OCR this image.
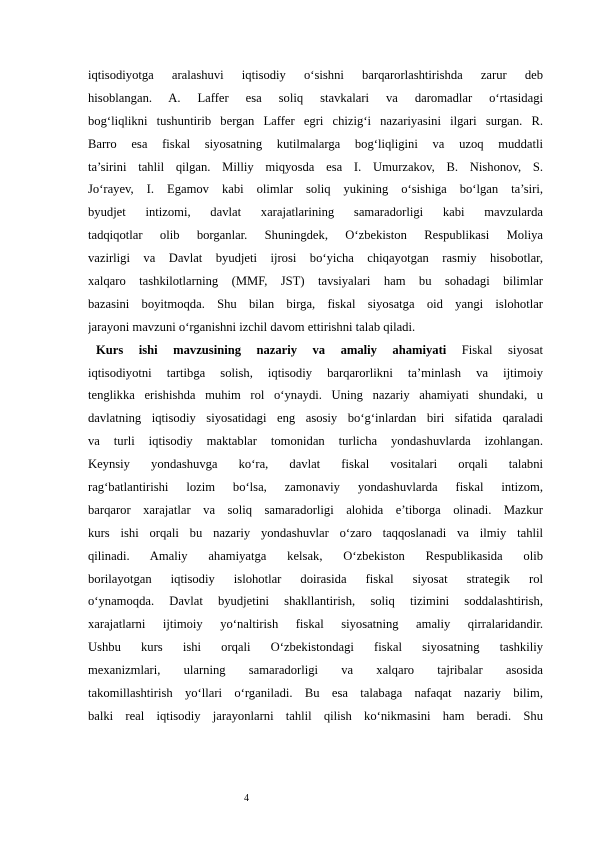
iqtisodiyotga aralashuvi iqtisodiy o‘sishni barqarorlashtirishda zarur deb
hisoblangan. A. Laffer esa soliq stavkalari va daromadlar o‘rtasidagi
bog‘liqlikni tushuntirib bergan Laffer egri chizig‘i nazariyasini ilgari surgan. R.
Barro esa fiskal siyosatning kutilmalarga bog‘liqligini va uzoq muddatli
ta’sirini tahlil qilgan. Milliy miqyosda esa I. Umurzakov, B. Nishonov, S.
Jo‘rayev, I. Egamov kabi olimlar soliq yukining o‘sishiga bo‘lgan ta’siri,
byudjet intizomi, davlat xarajatlarining samaradorligi kabi mavzularda
tadqiqotlar olib borganlar. Shuningdek, O‘zbekiston Respublikasi Moliya
vazirligi va Davlat byudjeti ijrosi bo‘yicha chiqayotgan rasmiy hisobotlar,
xalqaro tashkilotlarning (MMF, JST) tavsiyalari ham bu sohadagi bilimlar
bazasini boyitmoqda. Shu bilan birga, fiskal siyosatga oid yangi islohotlar
jarayoni mavzuni o‘rganishni izchil davom ettirishni talab qiladi.
Kurs ishi mavzusining nazariy va amaliy ahamiyati Fiskal siyosat
iqtisodiyotni tartibga solish, iqtisodiy barqarorlikni ta’minlash va ijtimoiy
tenglikka erishishda muhim rol o‘ynaydi. Uning nazariy ahamiyati shundaki, u
davlatning iqtisodiy siyosatidagi eng asosiy bo‘g‘inlardan biri sifatida qaraladi
va turli iqtisodiy maktablar tomonidan turlicha yondashuvlarda izohlangan.
Keynsiy yondashuvga ko‘ra, davlat fiskal vositalari orqali talabni
rag‘batlantirishi lozim bo‘lsa, zamonaviy yondashuvlarda fiskal intizom,
barqaror xarajatlar va soliq samaradorligi alohida e’tiborga olinadi. Mazkur
kurs ishi orqali bu nazariy yondashuvlar o‘zaro taqqoslanadi va ilmiy tahlil
qilinadi. Amaliy ahamiyatga kelsak, O‘zbekiston Respublikasida olib
borilayotgan iqtisodiy islohotlar doirasida fiskal siyosat strategik rol
o‘ynamoqda. Davlat byudjetini shakllantirish, soliq tizimini soddalashtirish,
xarajatlarni ijtimoiy yo‘naltirish fiskal siyosatning amaliy qirralaridandir.
Ushbu kurs ishi orqali O‘zbekistondagi fiskal siyosatning tashkiliy
mexanizmlari, ularning samaradorligi va xalqaro tajribalar asosida
takomillashtirish yo‘llari o‘rganiladi. Bu esa talabaga nafaqat nazariy bilim,
balki real iqtisodiy jarayonlarni tahlil qilish ko‘nikmasini ham beradi. Shu
4
